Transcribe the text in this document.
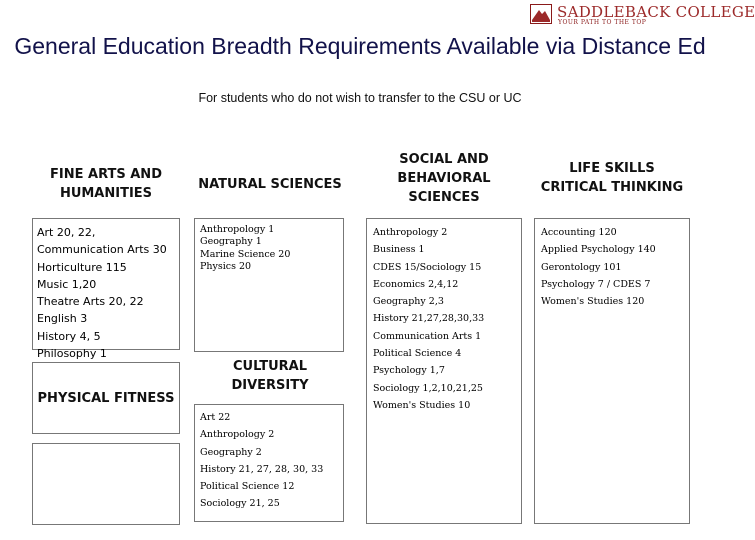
SADDLEBACK COLLEGE
YOUR PATH TO THE TOP
General Education Breadth Requirements Available via Distance Ed
For students who do not wish to transfer to the CSU or UC
FINE ARTS AND HUMANITIES
Art 20, 22,
Communication Arts 30
Horticulture 115
Music 1,20
Theatre Arts 20, 22
English 3
History 4, 5
Philosophy 1
PHYSICAL FITNESS
NATURAL SCIENCES
Anthropology 1
Geography 1
Marine Science 20
Physics 20
CULTURAL DIVERSITY
Art 22
Anthropology 2
Geography 2
History 21, 27, 28, 30, 33
Political Science 12
Sociology 21, 25
SOCIAL AND BEHAVIORAL SCIENCES
Anthropology 2
Business 1
CDES 15/Sociology 15
Economics 2,4,12
Geography 2,3
History 21,27,28,30,33
Communication Arts 1
Political Science 4
Psychology 1,7
Sociology 1,2,10,21,25
Women's Studies 10
LIFE SKILLS CRITICAL THINKING
Accounting 120
Applied Psychology 140
Gerontology 101
Psychology 7 / CDES 7
Women's Studies 120
